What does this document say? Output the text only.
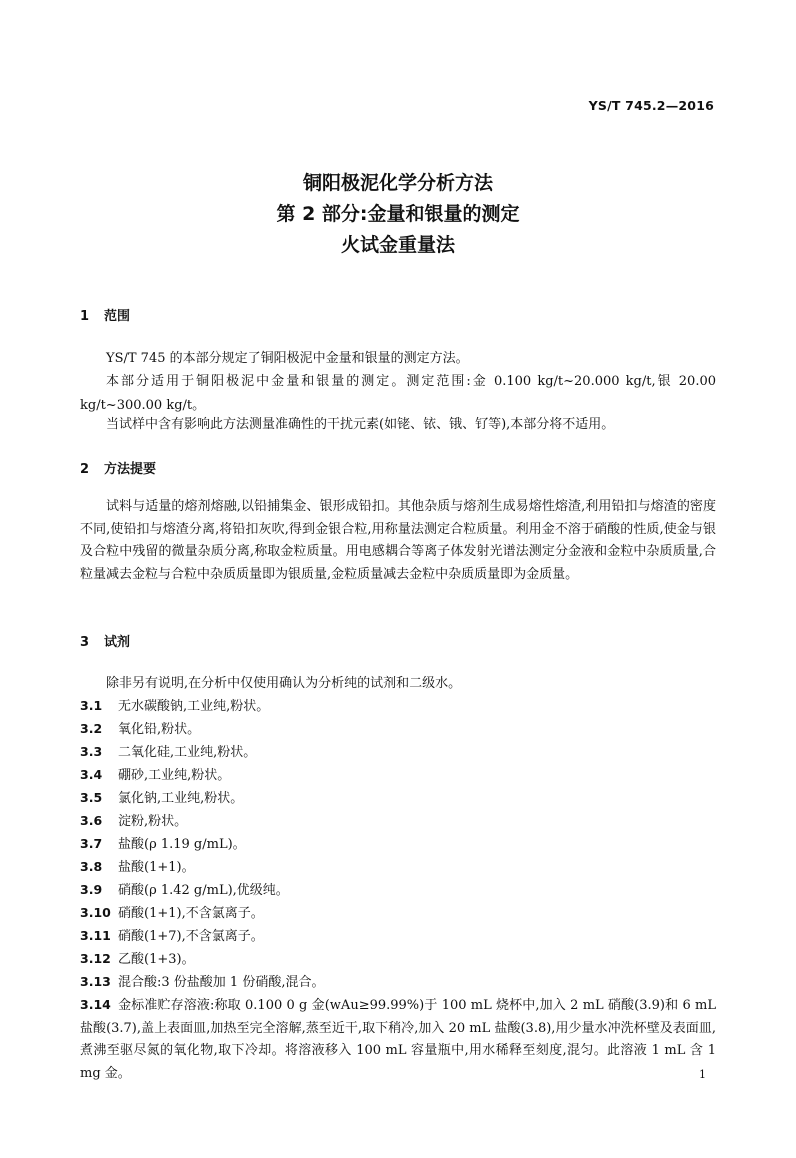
YS/T 745.2—2016
铜阳极泥化学分析方法
第 2 部分:金量和银量的测定
火试金重量法
1 范围
YS/T 745 的本部分规定了铜阳极泥中金量和银量的测定方法。
本部分适用于铜阳极泥中金量和银量的测定。测定范围:金 0.100 kg/t~20.000 kg/t,银 20.00 kg/t~300.00 kg/t。
当试样中含有影响此方法测量准确性的干扰元素(如铑、铱、锇、钌等),本部分将不适用。
2 方法提要
试料与适量的熔剂熔融,以铅捕集金、银形成铅扣。其他杂质与熔剂生成易熔性熔渣,利用铅扣与熔渣的密度不同,使铅扣与熔渣分离,将铅扣灰吹,得到金银合粒,用称量法测定合粒质量。利用金不溶于硝酸的性质,使金与银及合粒中残留的微量杂质分离,称取金粒质量。用电感耦合等离子体发射光谱法测定分金液和金粒中杂质质量,合粒量减去金粒与合粒中杂质质量即为银质量,金粒质量减去金粒中杂质质量即为金质量。
3 试剂
除非另有说明,在分析中仅使用确认为分析纯的试剂和二级水。
3.1 无水碳酸钠,工业纯,粉状。
3.2 氧化铅,粉状。
3.3 二氧化硅,工业纯,粉状。
3.4 硼砂,工业纯,粉状。
3.5 氯化钠,工业纯,粉状。
3.6 淀粉,粉状。
3.7 盐酸(ρ 1.19 g/mL)。
3.8 盐酸(1+1)。
3.9 硝酸(ρ 1.42 g/mL),优级纯。
3.10 硝酸(1+1),不含氯离子。
3.11 硝酸(1+7),不含氯离子。
3.12 乙酸(1+3)。
3.13 混合酸:3 份盐酸加 1 份硝酸,混合。
3.14 金标准贮存溶液:称取 0.100 0 g 金(wAu≥99.99%)于 100 mL 烧杯中,加入 2 mL 硝酸(3.9)和 6 mL 盐酸(3.7),盖上表面皿,加热至完全溶解,蒸至近干,取下稍冷,加入 20 mL 盐酸(3.8),用少量水冲洗杯壁及表面皿,煮沸至驱尽氮的氧化物,取下冷却。将溶液移入 100 mL 容量瓶中,用水稀释至刻度,混匀。此溶液 1 mL 含 1 mg 金。	1
